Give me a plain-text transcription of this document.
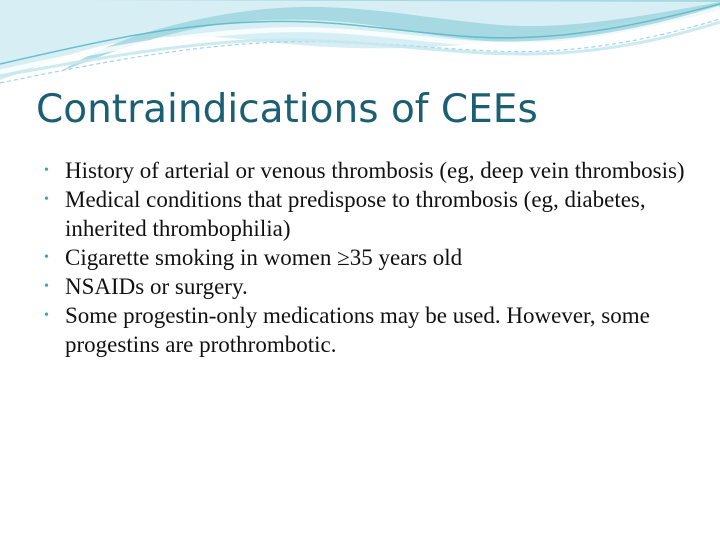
Contraindications of CEEs
• History of arterial or venous thrombosis (eg, deep vein thrombosis)
• Medical conditions that predispose to thrombosis (eg, diabetes, inherited thrombophilia)
• Cigarette smoking in women ≥35 years old
• NSAIDs or surgery.
• Some progestin-only medications may be used. However, some progestins are prothrombotic.
